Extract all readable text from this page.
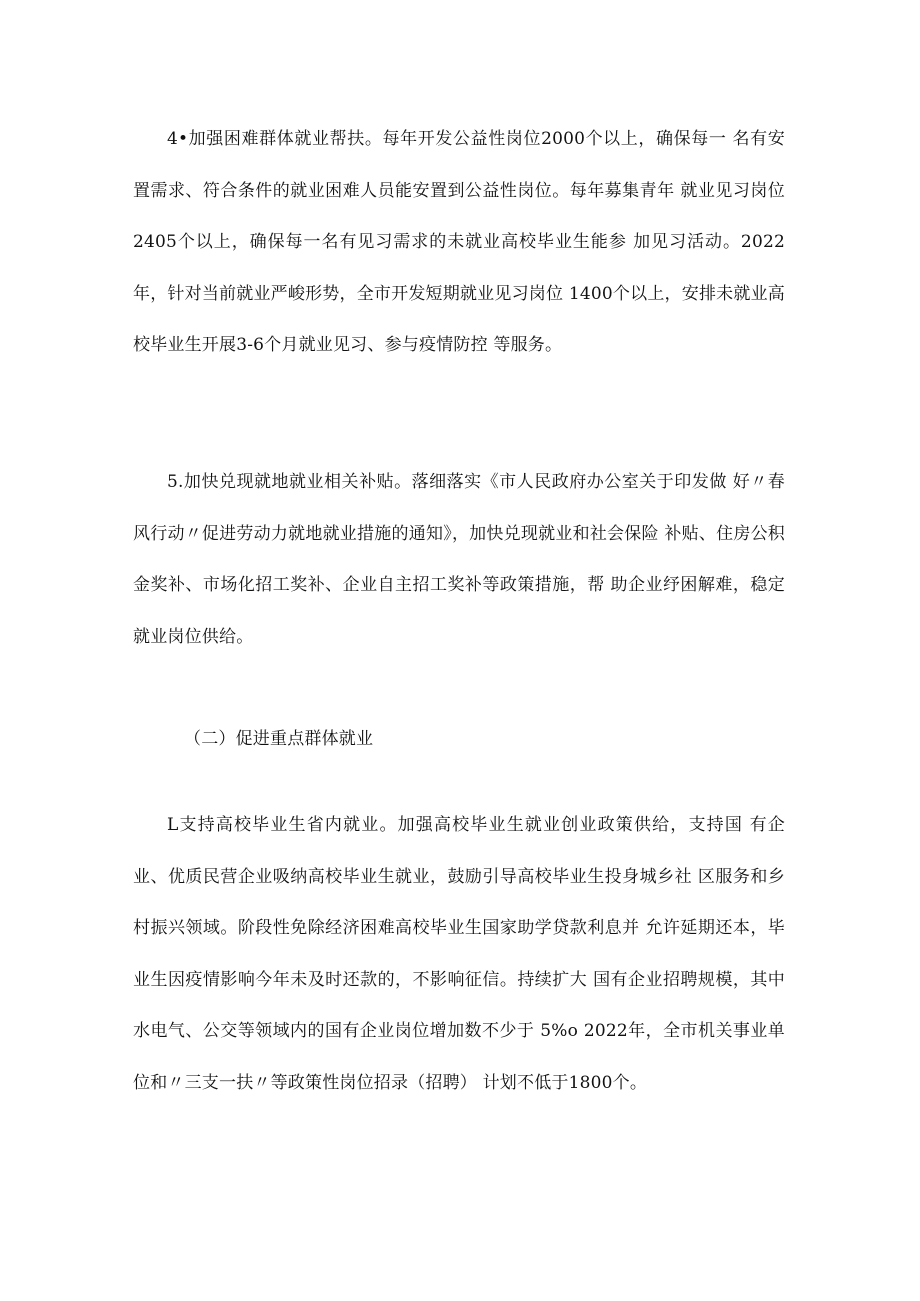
4•加强困难群体就业帮扶。每年开发公益性岗位2000个以上，确保每一 名有安置需求、符合条件的就业困难人员能安置到公益性岗位。每年募集青年 就业见习岗位2405个以上，确保每一名有见习需求的未就业高校毕业生能参 加见习活动。2022年，针对当前就业严峻形势，全市开发短期就业见习岗位 1400个以上，安排未就业高校毕业生开展3-6个月就业见习、参与疫情防控 等服务。

5.加快兑现就地就业相关补贴。落细落实《市人民政府办公室关于印发做 好〃春风行动〃促进劳动力就地就业措施的通知》，加快兑现就业和社会保险 补贴、住房公积金奖补、市场化招工奖补、企业自主招工奖补等政策措施，帮 助企业纾困解难，稳定就业岗位供给。

（二）促进重点群体就业

L支持高校毕业生省内就业。加强高校毕业生就业创业政策供给，支持国 有企业、优质民营企业吸纳高校毕业生就业，鼓励引导高校毕业生投身城乡社 区服务和乡村振兴领域。阶段性免除经济困难高校毕业生国家助学贷款利息并 允许延期还本，毕业生因疫情影响今年未及时还款的，不影响征信。持续扩大 国有企业招聘规模，其中水电气、公交等领域内的国有企业岗位增加数不少于 5%o 2022年，全市机关事业单位和〃三支一扶〃等政策性岗位招录（招聘） 计划不低于1800个。
